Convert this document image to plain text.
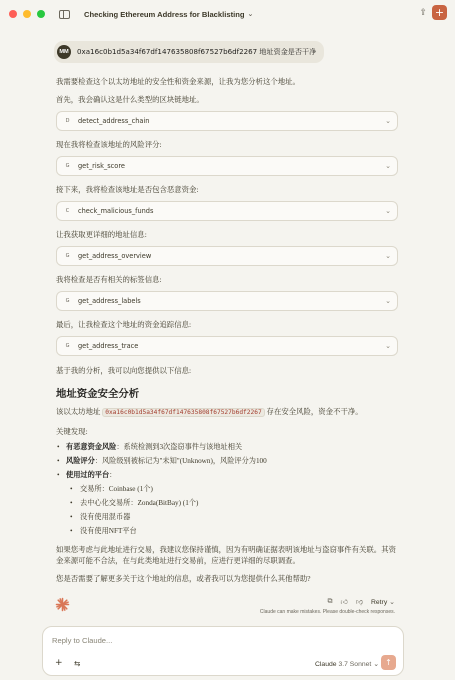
Checking Ethereum Address for Blacklisting ⌄	⇪ +
MM	0xa16c0b1d5a34f67df147635808f67527b6df2267 地址资金是否干净

我需要检查这个以太坊地址的安全性和资金来源，让我为您分析这个地址。

首先，我会确认这是什么类型的区块链地址。

D	detect_address_chain	⌄

现在我将检查该地址的风险评分:

G	get_risk_score	⌄

接下来，我将检查该地址是否包含恶意资金:

C	check_malicious_funds	⌄

让我获取更详细的地址信息:

G	get_address_overview	⌄

我将检查是否有相关的标签信息:

G	get_address_labels	⌄

最后，让我检查这个地址的资金追踪信息:

G	get_address_trace	⌄

基于我的分析，我可以向您提供以下信息:

地址资金安全分析

该以太坊地址 0xa16c0b1d5a34f67df147635808f67527b6df2267 存在安全风险，资金不干净。

关键发现:

• 有恶意资金风险：系统检测到3次盗窃事件与该地址相关
• 风险评分：风险级别被标记为"未知"(Unknown)，风险评分为100
• 使用过的平台：
• 交易所：Coinbase (1个)
• 去中心化交易所：Zonda(BitBay) (1个)
• 没有使用混币器
• 没有使用NFT平台

如果您考虑与此地址进行交易，我建议您保持谨慎，因为有明确证据表明该地址与盗窃事件有关联。其资金来源可能不合法，在与此类地址进行交易前，应进行更详细的尽职调查。

您是否需要了解更多关于这个地址的信息，或者我可以为您提供什么其他帮助?

⧉ 👍︎ 👎︎ Retry ⌄
Claude can make mistakes. Please double-check responses.
Reply to Claude...
+ ⇆	Claude 3.7 Sonnet ⌄ ↑
